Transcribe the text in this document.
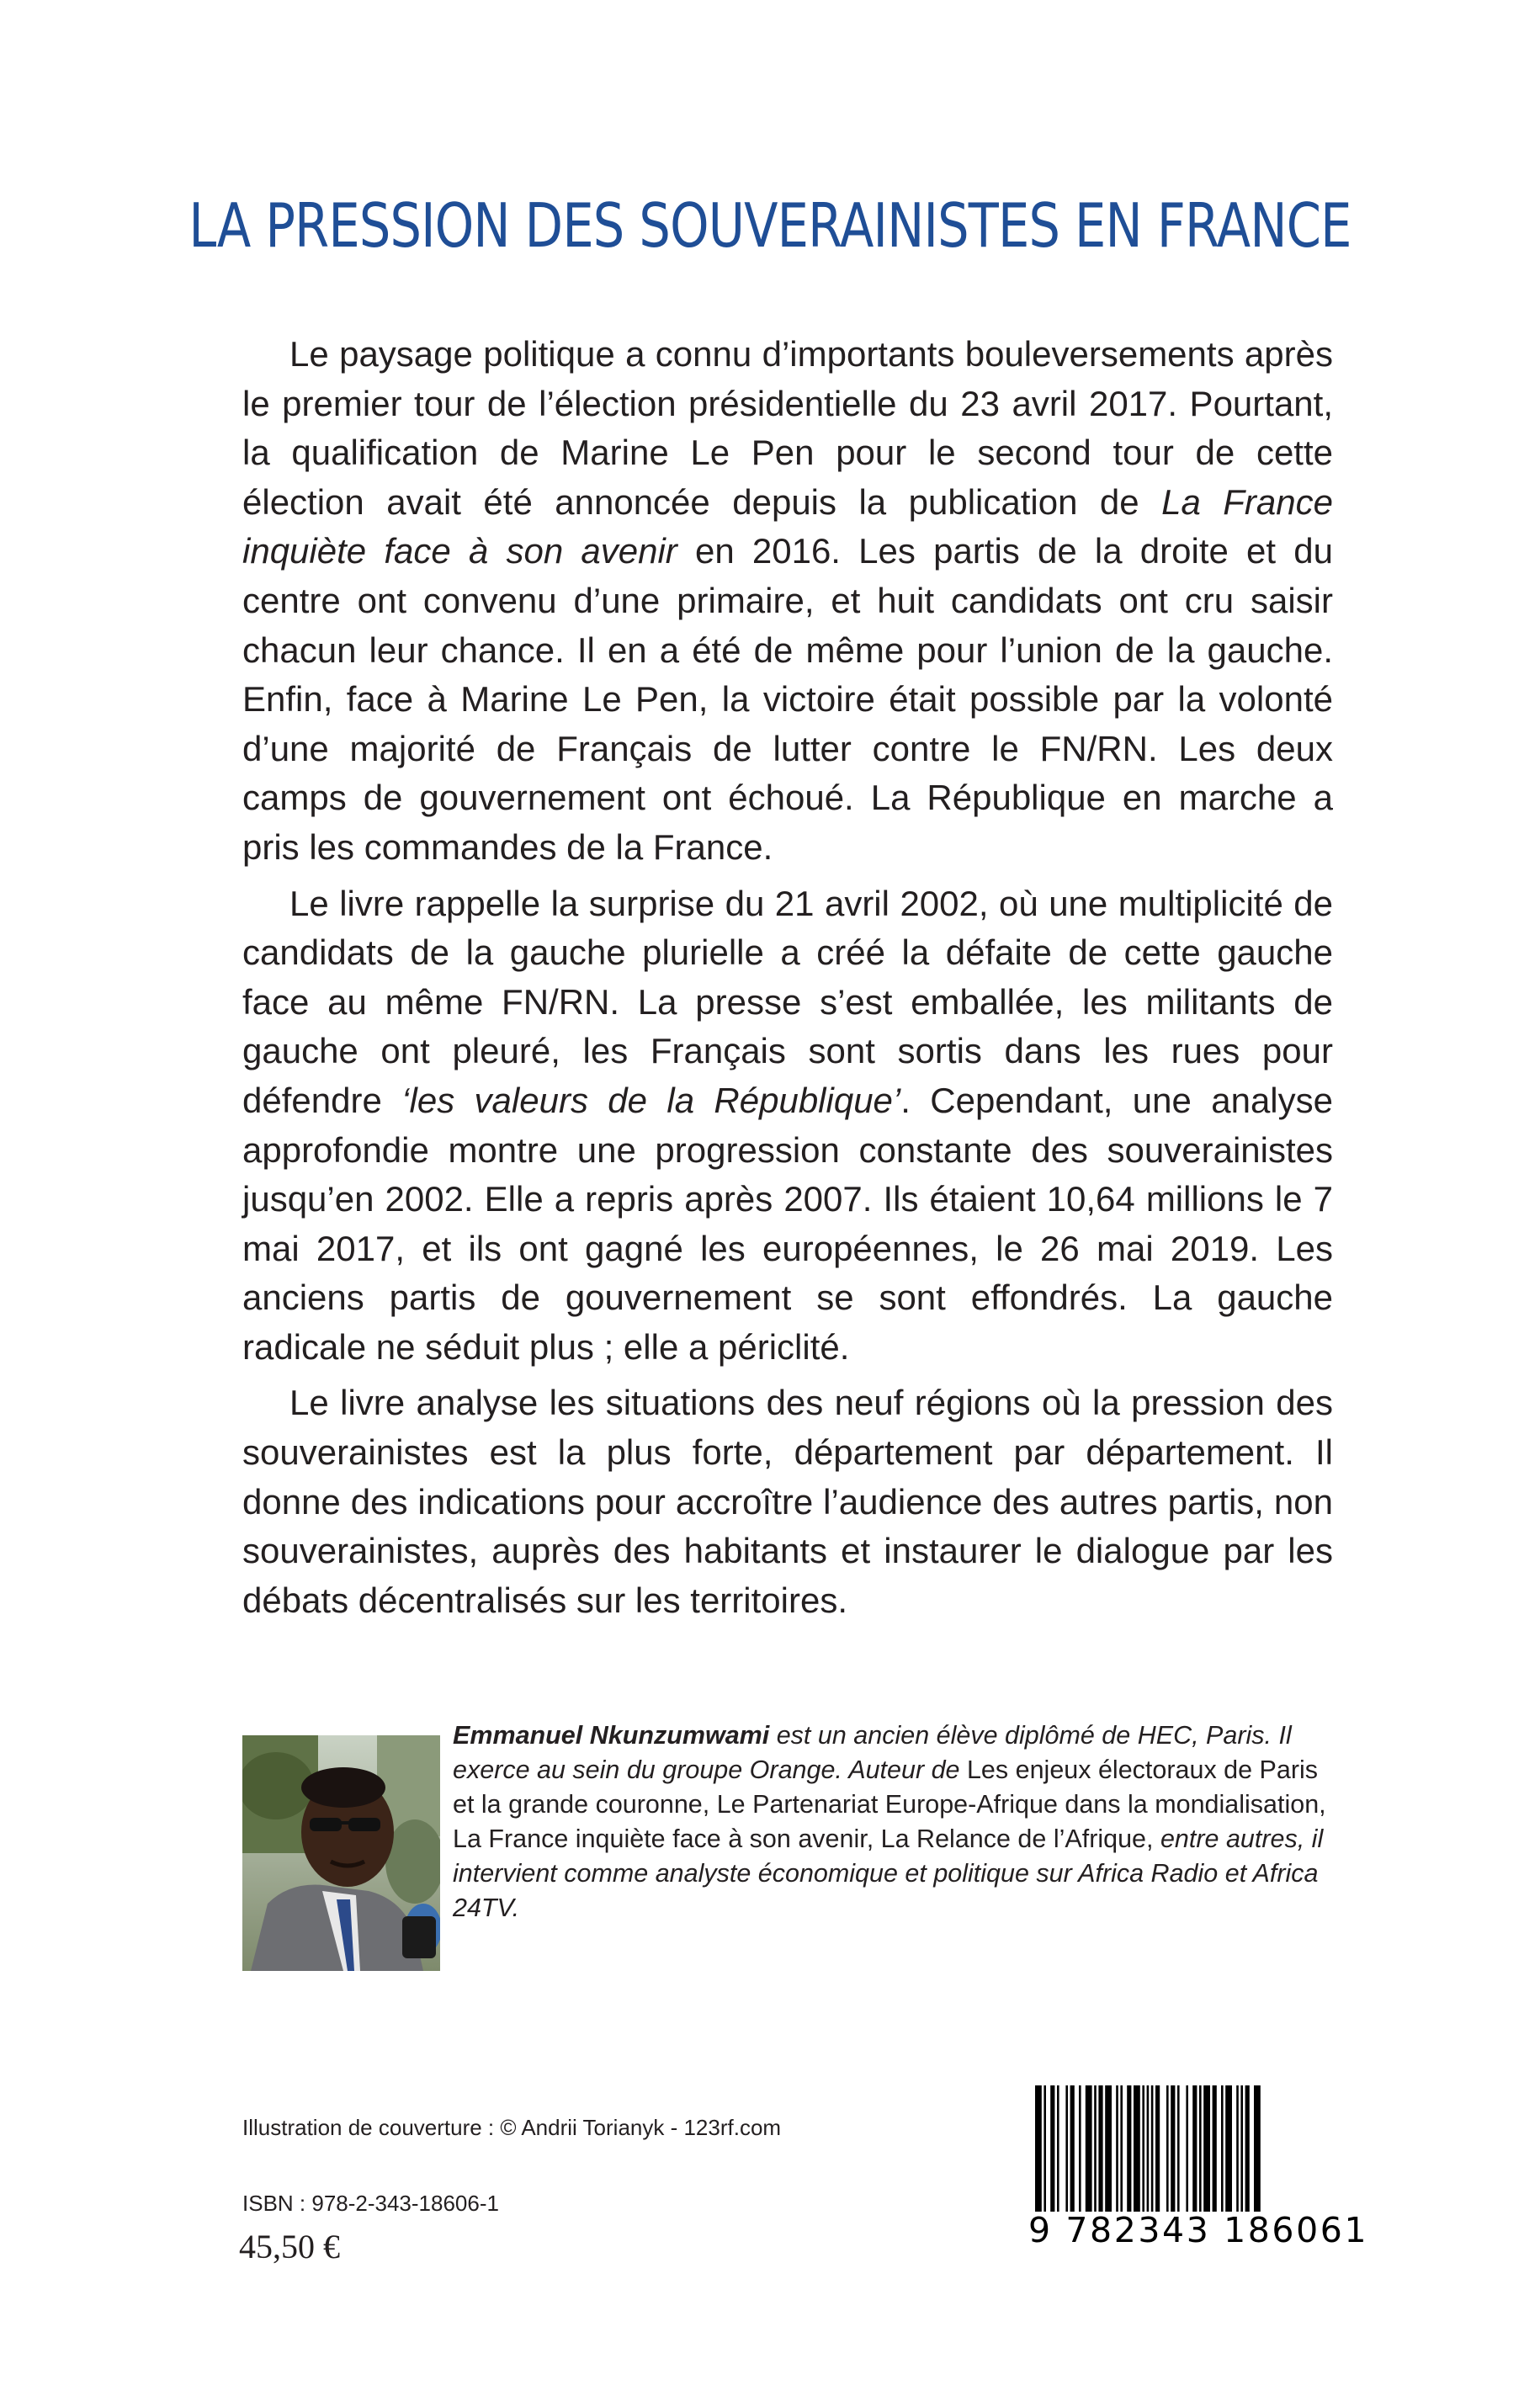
LA PRESSION DES SOUVERAINISTES EN FRANCE

Le paysage politique a connu d’importants bouleversements après le premier tour de l’élection présidentielle du 23 avril 2017. Pourtant, la qualification de Marine Le Pen pour le second tour de cette élection avait été annoncée depuis la publication de La France inquiète face à son avenir en 2016. Les partis de la droite et du centre ont convenu d’une primaire, et huit candidats ont cru saisir chacun leur chance. Il en a été de même pour l’union de la gauche. Enfin, face à Marine Le Pen, la victoire était possible par la volonté d’une majorité de Français de lutter contre le FN/RN. Les deux camps de gouvernement ont échoué. La République en marche a pris les commandes de la France.

Le livre rappelle la surprise du 21 avril 2002, où une multiplicité de candidats de la gauche plurielle a créé la défaite de cette gauche face au même FN/RN. La presse s’est emballée, les militants de gauche ont pleuré, les Français sont sortis dans les rues pour défendre ‘les valeurs de la République’. Cependant, une analyse approfondie montre une progression constante des souverainistes jusqu’en 2002. Elle a repris après 2007. Ils étaient 10,64 millions le 7 mai 2017, et ils ont gagné les européennes, le 26 mai 2019. Les anciens partis de gouvernement se sont effondrés. La gauche radicale ne séduit plus ; elle a périclité.

Le livre analyse les situations des neuf régions où la pression des souverainistes est la plus forte, département par département. Il donne des indications pour accroître l’audience des autres partis, non souverainistes, auprès des habitants et instaurer le dialogue par les débats décentralisés sur les territoires.

Emmanuel Nkunzumwami est un ancien élève diplômé de HEC, Paris. Il exerce au sein du groupe Orange. Auteur de Les enjeux électoraux de Paris et la grande couronne, Le Partenariat Europe-Afrique dans la mondialisation, La France inquiète face à son avenir, La Relance de l’Afrique, entre autres, il intervient comme analyste économique et politique sur Africa Radio et Africa 24TV.
Illustration de couverture : © Andrii Torianyk - 123rf.com
ISBN : 978-2-343-18606-1
45,50 €	9 782343 186061
